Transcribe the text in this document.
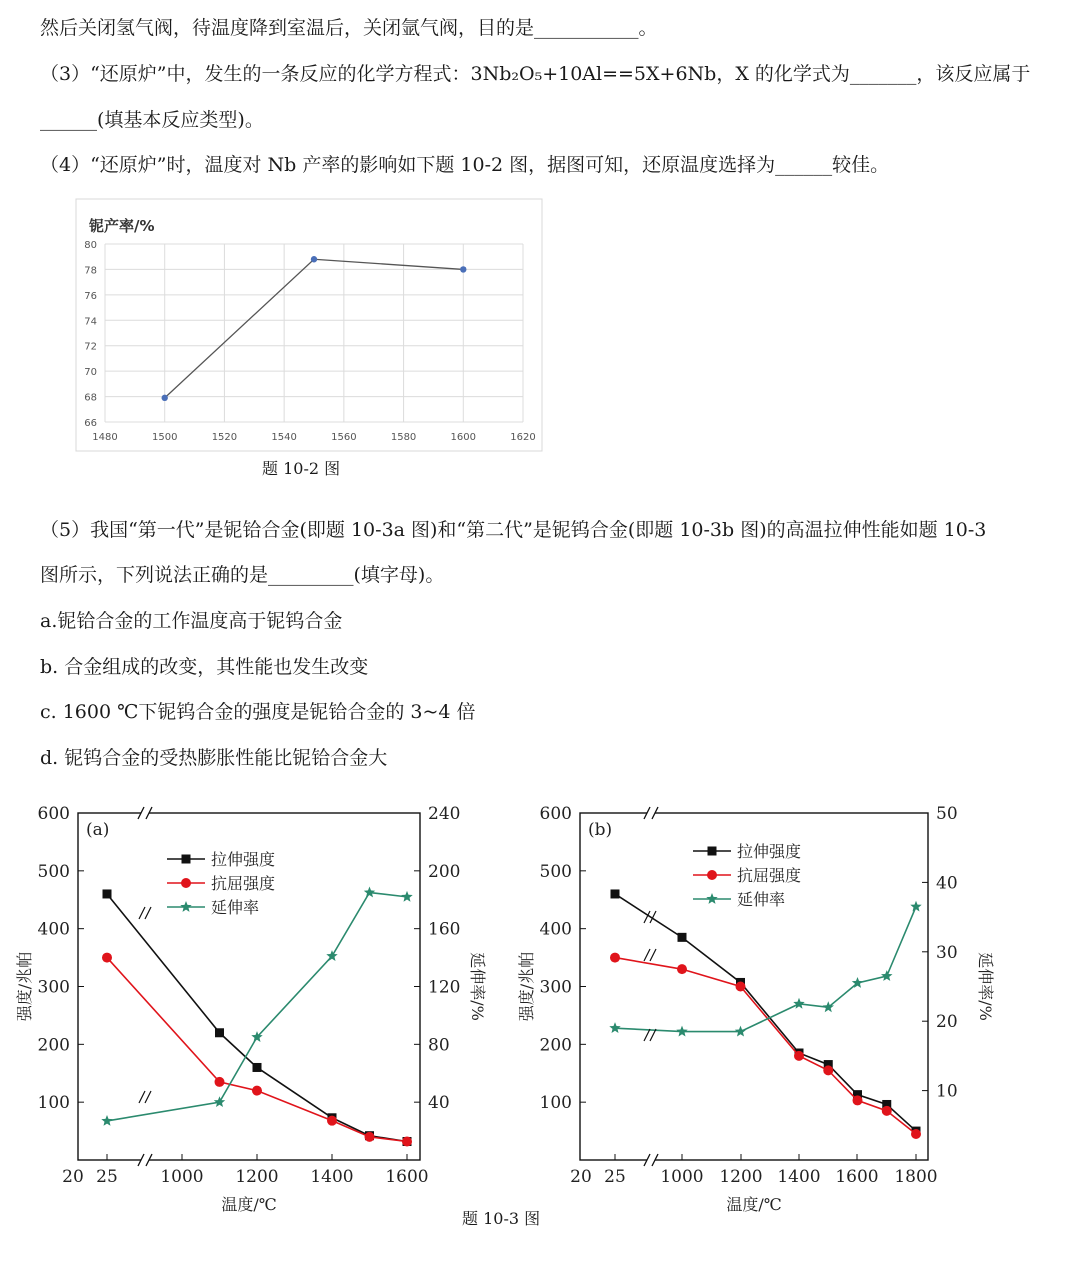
然后关闭氢气阀，待温度降到室温后，关闭氩气阀，目的是___________。
（3）“还原炉”中，发生的一条反应的化学方程式：3Nb₂O₅+10Al==5X+6Nb，X 的化学式为_______，该反应属于
______(填基本反应类型)。
（4）“还原炉”时，温度对 Nb 产率的影响如下题 10-2 图，据图可知，还原温度选择为______较佳。
铌产率/%
66
68
70
72
74
76
78
80
1480	1500	1520	1540	1560	1580	1600	1620
题 10-2 图
（5）我国“第一代”是铌铪合金(即题 10-3a 图)和“第二代”是铌钨合金(即题 10-3b 图)的高温拉伸性能如题 10-3
图所示，下列说法正确的是_________(填字母)。
a.铌铪合金的工作温度高于铌钨合金
b. 合金组成的改变，其性能也发生改变
c. 1600 ℃下铌钨合金的强度是铌铪合金的 3~4 倍
d. 铌钨合金的受热膨胀性能比铌铪合金大
100
200
300
400
500
600
40
80
120
160
200
240
20 25	1000 1200 1400 1600
温度/℃
强度/兆帕	延伸率/%
(a)
拉伸强度
抗屈强度
延伸率
100
200
300
400
500
600
10
20
30
40
50
20 25 1000 1200 1400 1600 1800
温度/℃
强度/兆帕	延伸率/%
(b)
拉伸强度
抗屈强度
延伸率
题 10-3 图
